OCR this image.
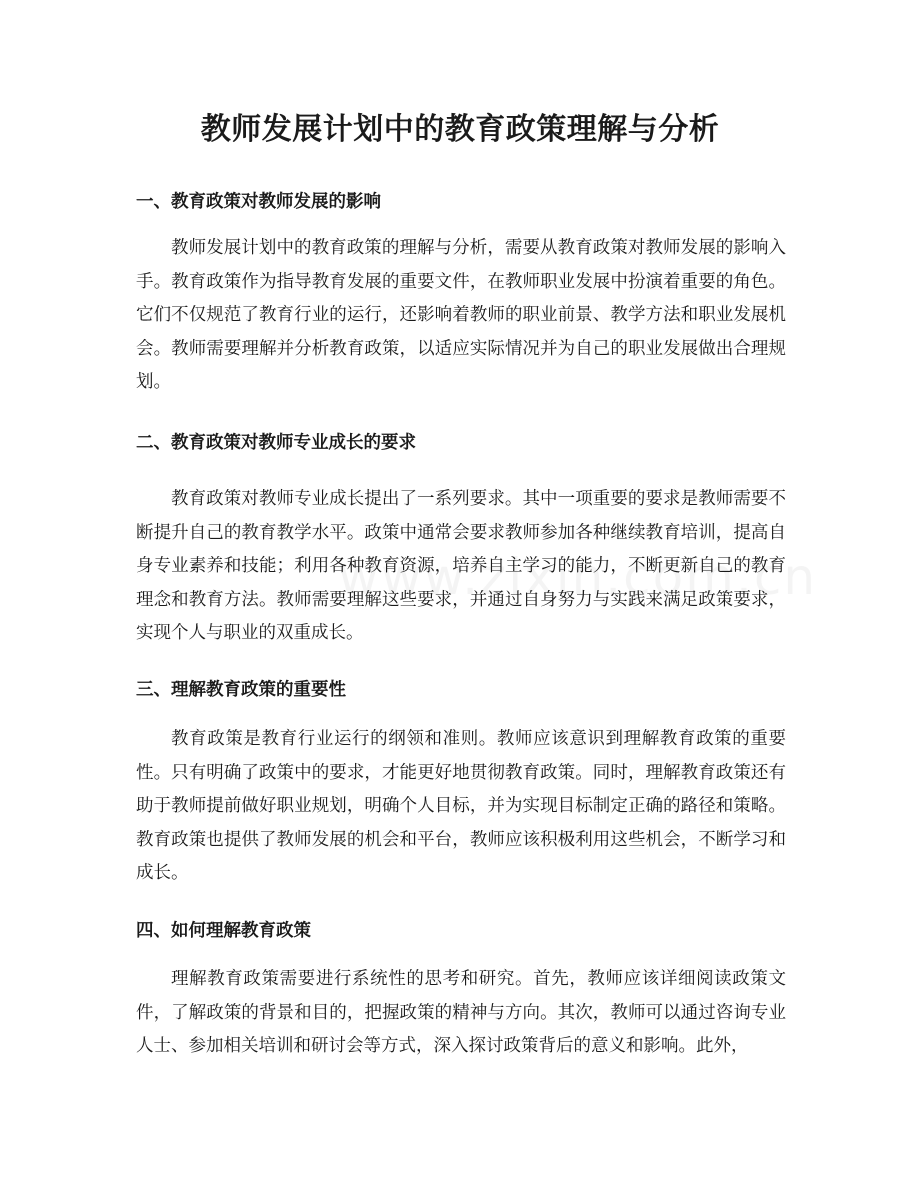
教师发展计划中的教育政策理解与分析
一、教育政策对教师发展的影响

教师发展计划中的教育政策的理解与分析，需要从教育政策对教师发展的影响入手。教育政策作为指导教育发展的重要文件，在教师职业发展中扮演着重要的角色。它们不仅规范了教育行业的运行，还影响着教师的职业前景、教学方法和职业发展机会。教师需要理解并分析教育政策，以适应实际情况并为自己的职业发展做出合理规划。

二、教育政策对教师专业成长的要求

教育政策对教师专业成长提出了一系列要求。其中一项重要的要求是教师需要不断提升自己的教育教学水平。政策中通常会要求教师参加各种继续教育培训，提高自身专业素养和技能；利用各种教育资源，培养自主学习的能力，不断更新自己的教育理念和教育方法。教师需要理解这些要求，并通过自身努力与实践来满足政策要求，实现个人与职业的双重成长。

三、理解教育政策的重要性

教育政策是教育行业运行的纲领和准则。教师应该意识到理解教育政策的重要性。只有明确了政策中的要求，才能更好地贯彻教育政策。同时，理解教育政策还有助于教师提前做好职业规划，明确个人目标，并为实现目标制定正确的路径和策略。教育政策也提供了教师发展的机会和平台，教师应该积极利用这些机会，不断学习和成长。

四、如何理解教育政策

理解教育政策需要进行系统性的思考和研究。首先，教师应该详细阅读政策文件，了解政策的背景和目的，把握政策的精神与方向。其次，教师可以通过咨询专业人士、参加相关培训和研讨会等方式，深入探讨政策背后的意义和影响。此外，
